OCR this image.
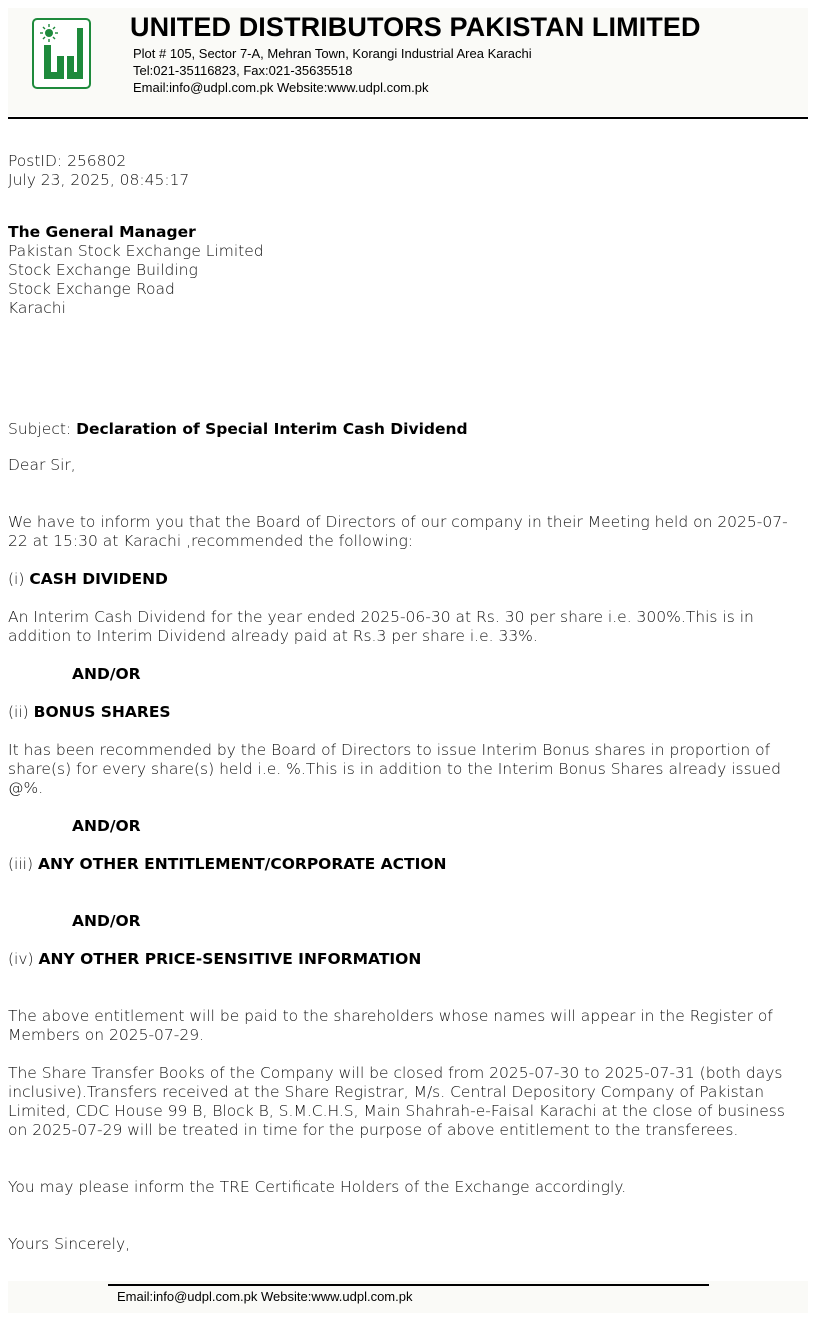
UNITED DISTRIBUTORS PAKISTAN LIMITED
Plot # 105, Sector 7-A, Mehran Town, Korangi Industrial Area Karachi
Tel:021-35116823, Fax:021-35635518
Email:info@udpl.com.pk Website:www.udpl.com.pk
PostID: 256802
July 23, 2025, 08:45:17
The General Manager
Pakistan Stock Exchange Limited
Stock Exchange Building
Stock Exchange Road
Karachi
Subject: Declaration of Special Interim Cash Dividend
Dear Sir,
We have to inform you that the Board of Directors of our company in their Meeting held on 2025-07-22 at 15:30 at Karachi ,recommended the following:
(i) CASH DIVIDEND
An Interim Cash Dividend for the year ended 2025-06-30 at Rs. 30 per share i.e. 300%.This is in addition to Interim Dividend already paid at Rs.3 per share i.e. 33%.
AND/OR
(ii) BONUS SHARES
It has been recommended by the Board of Directors to issue Interim Bonus shares in proportion of share(s) for every share(s) held i.e. %.This is in addition to the Interim Bonus Shares already issued @%.
AND/OR
(iii) ANY OTHER ENTITLEMENT/CORPORATE ACTION
AND/OR
(iv) ANY OTHER PRICE-SENSITIVE INFORMATION
The above entitlement will be paid to the shareholders whose names will appear in the Register of Members on 2025-07-29.
The Share Transfer Books of the Company will be closed from 2025-07-30 to 2025-07-31 (both days inclusive).Transfers received at the Share Registrar, M/s. Central Depository Company of Pakistan Limited, CDC House 99 B, Block B, S.M.C.H.S, Main Shahrah-e-Faisal Karachi at the close of business on 2025-07-29 will be treated in time for the purpose of above entitlement to the transferees.
You may please inform the TRE Certificate Holders of the Exchange accordingly.
Yours Sincerely,
Email:info@udpl.com.pk Website:www.udpl.com.pk
